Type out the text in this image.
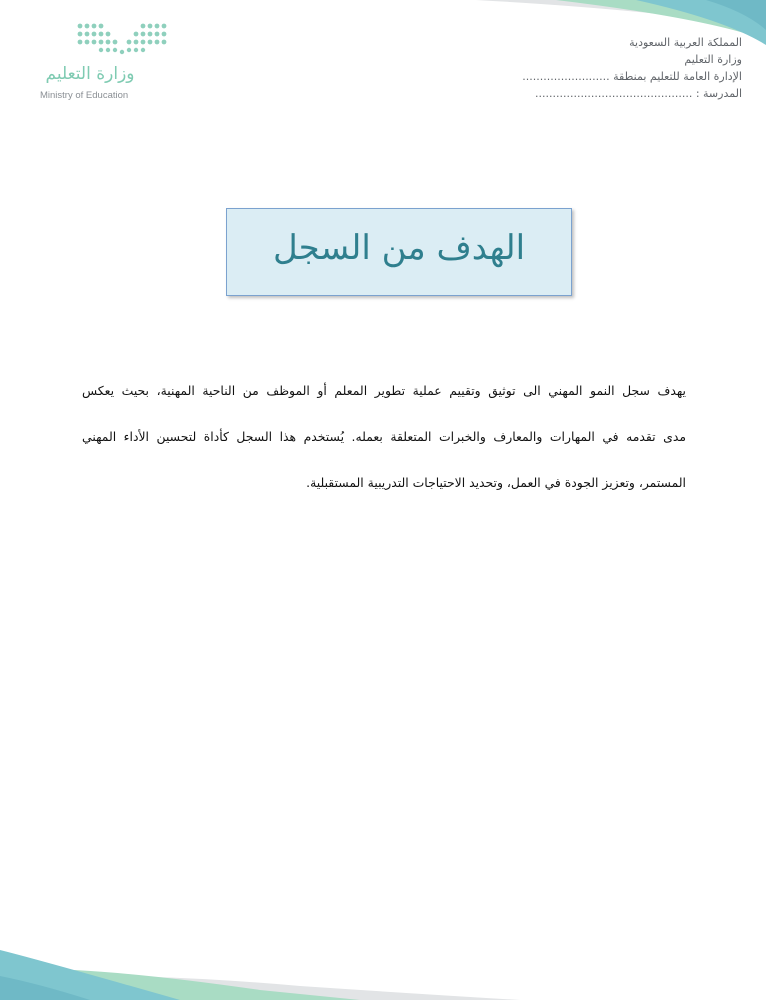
وزارة التعليم
Ministry of Education
المملكة العربية السعودية
وزارة التعليم
الإدارة العامة للتعليم بمنطقة .........................
المدرسة : .............................................
الهدف من السجل
يهدف سجل النمو المهني الى توثيق وتقييم عملية تطوير المعلم أو الموظف من الناحية المهنية، بحيث يعكس
مدى تقدمه في المهارات والمعارف والخبرات المتعلقة بعمله. يُستخدم هذا السجل كأداة لتحسين الأداء المهني
المستمر، وتعزيز الجودة في العمل، وتحديد الاحتياجات التدريبية المستقبلية.
